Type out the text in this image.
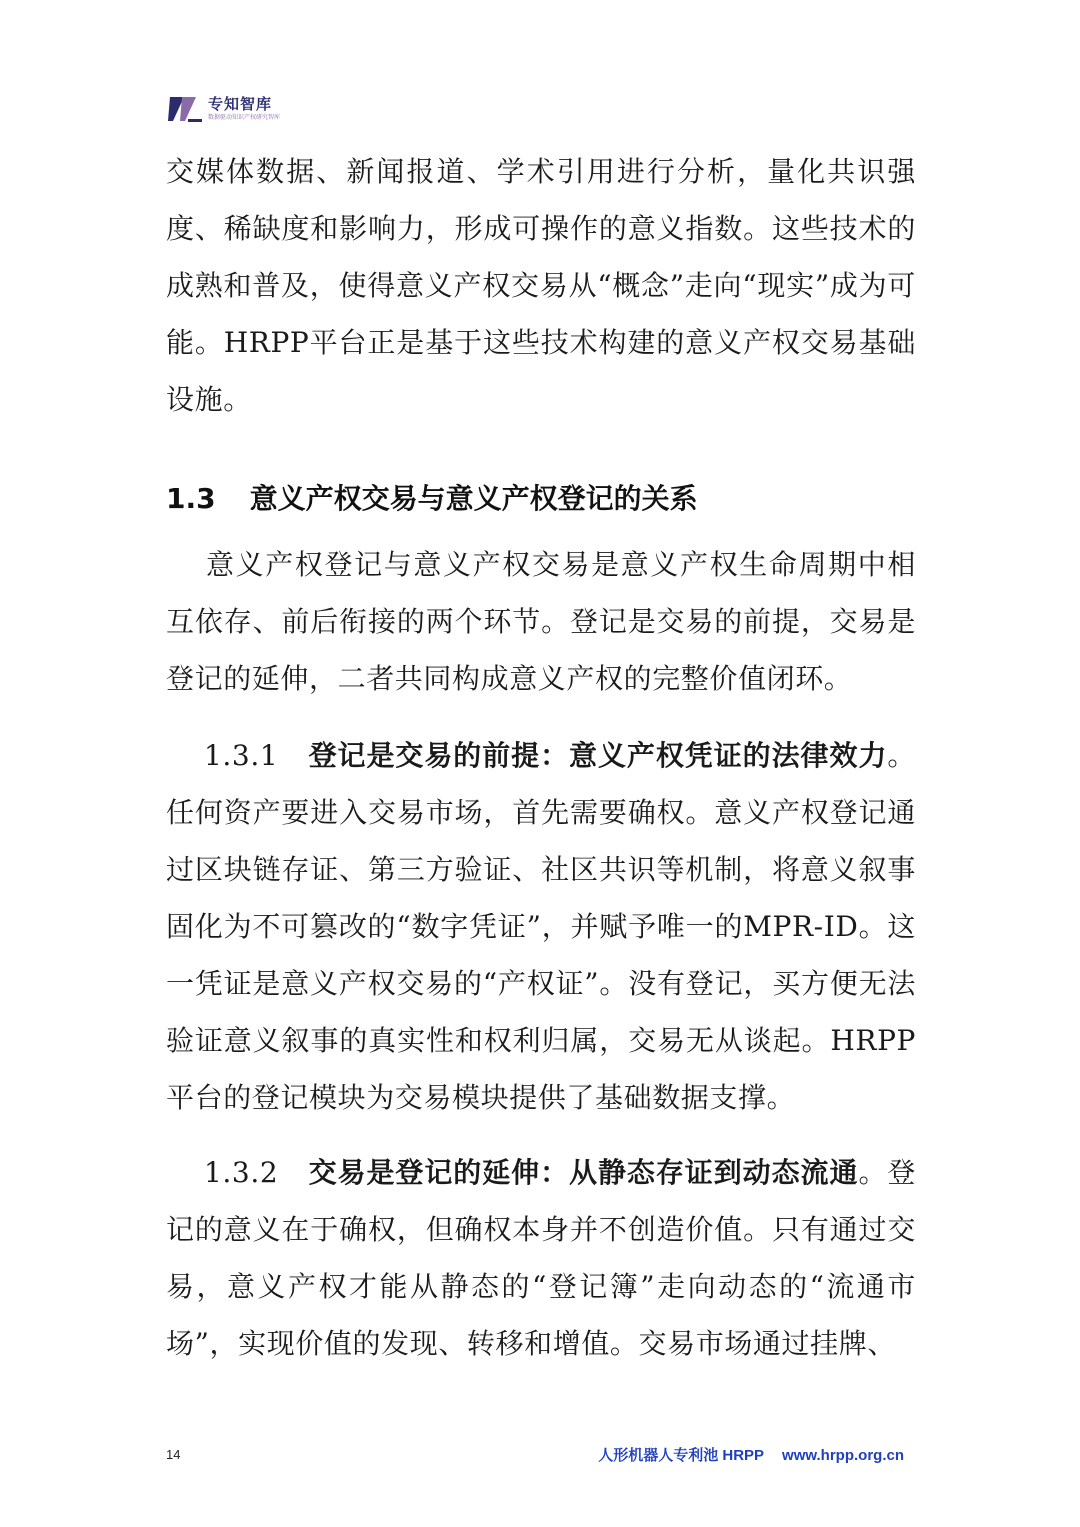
专知智库
数据驱动知识产权研究智库

交媒体数据、新闻报道、学术引用进行分析，量化共识强度、稀缺度和影响力，形成可操作的意义指数。这些技术的成熟和普及，使得意义产权交易从“概念”走向“现实”成为可能。HRPP平台正是基于这些技术构建的意义产权交易基础设施。

1.3 意义产权交易与意义产权登记的关系

意义产权登记与意义产权交易是意义产权生命周期中相互依存、前后衔接的两个环节。登记是交易的前提，交易是登记的延伸，二者共同构成意义产权的完整价值闭环。

1.3.1 登记是交易的前提：意义产权凭证的法律效力。任何资产要进入交易市场，首先需要确权。意义产权登记通过区块链存证、第三方验证、社区共识等机制，将意义叙事固化为不可篡改的“数字凭证”，并赋予唯一的MPR-ID。这一凭证是意义产权交易的“产权证”。没有登记，买方便无法验证意义叙事的真实性和权利归属，交易无从谈起。HRPP平台的登记模块为交易模块提供了基础数据支撑。

1.3.2 交易是登记的延伸：从静态存证到动态流通。登记的意义在于确权，但确权本身并不创造价值。只有通过交易，意义产权才能从静态的“登记簿”走向动态的“流通市场”，实现价值的发现、转移和增值。交易市场通过挂牌、

14	人形机器人专利池 HRPP www.hrpp.org.cn
